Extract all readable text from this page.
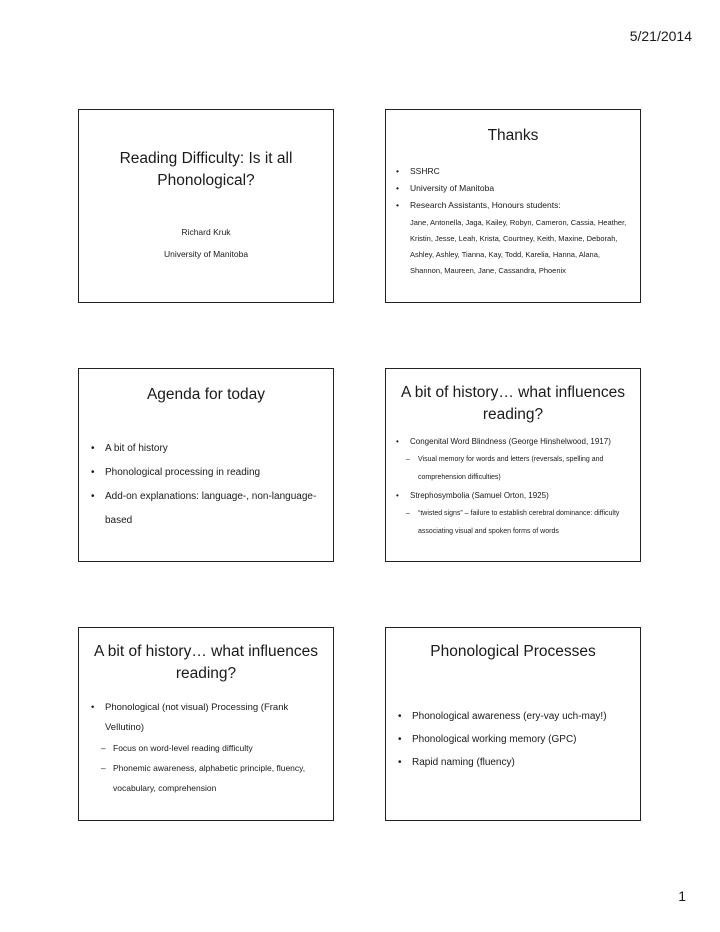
5/21/2014
Reading Difficulty: Is it all Phonological?
Richard Kruk
University of Manitoba
Thanks
• SSHRC
• University of Manitoba
• Research Assistants, Honours students:
Jane, Antonella, Jaga, Kailey, Robyn, Cameron, Cassia, Heather, Kristin, Jesse, Leah, Krista, Courtney, Keith, Maxine, Deborah, Ashley, Ashley, Tianna, Kay, Todd, Karelia, Hanna, Alana, Shannon, Maureen, Jane, Cassandra, Phoenix
Agenda for today
• A bit of history
• Phonological processing in reading
• Add-on explanations: language-, non-language-based
A bit of history… what influences reading?
• Congenital Word Blindness (George Hinshelwood, 1917)
– Visual memory for words and letters (reversals, spelling and comprehension difficulties)
• Strephosymbolia (Samuel Orton, 1925)
– “twisted signs” – failure to establish cerebral dominance: difficulty associating visual and spoken forms of words
A bit of history… what influences reading?
• Phonological (not visual) Processing (Frank Vellutino)
– Focus on word-level reading difficulty
– Phonemic awareness, alphabetic principle, fluency, vocabulary, comprehension
Phonological Processes
• Phonological awareness (ery-vay uch-may!)
• Phonological working memory (GPC)
• Rapid naming (fluency)
1
